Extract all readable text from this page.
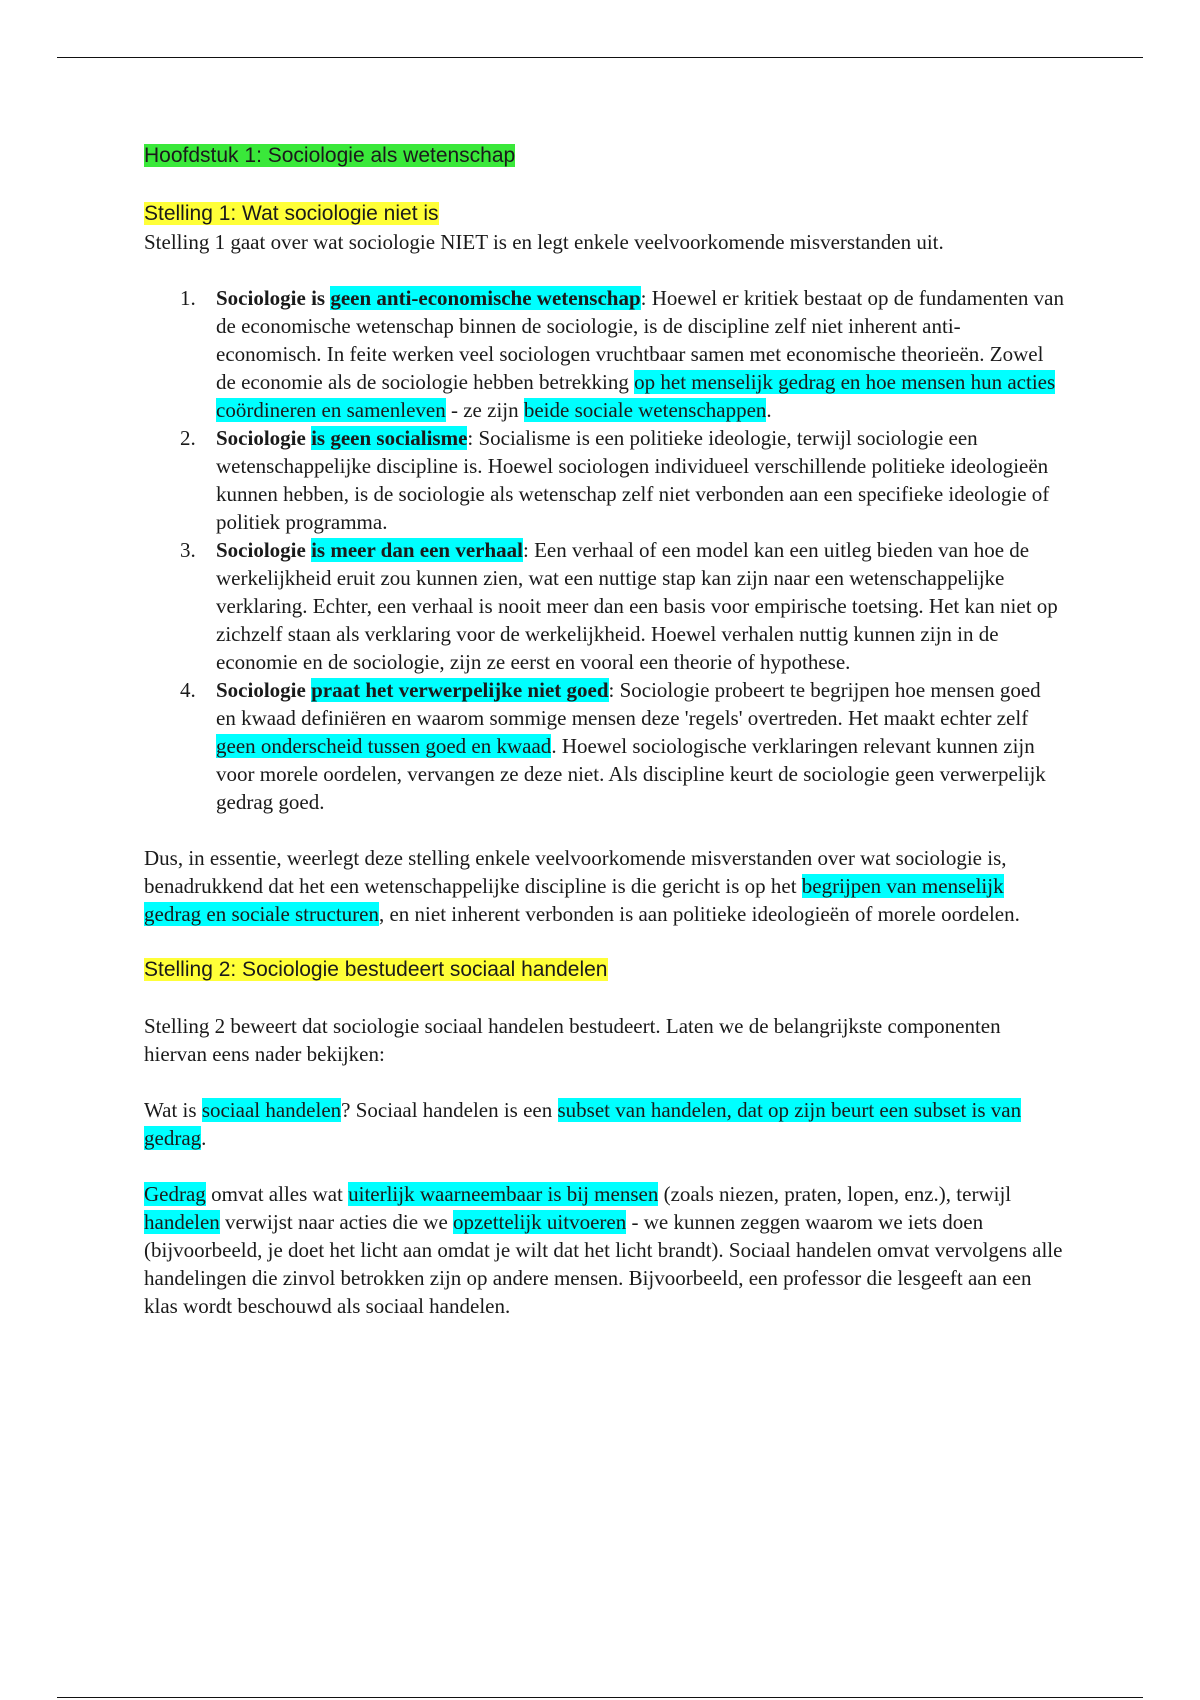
Hoofdstuk 1: Sociologie als wetenschap
Stelling 1: Wat sociologie niet is

Stelling 1 gaat over wat sociologie NIET is en legt enkele veelvoorkomende misverstanden uit.

1. Sociologie is geen anti-economische wetenschap: Hoewel er kritiek bestaat op de fundamenten van de economische wetenschap binnen de sociologie, is de discipline zelf niet inherent anti-economisch. In feite werken veel sociologen vruchtbaar samen met economische theorieën. Zowel de economie als de sociologie hebben betrekking op het menselijk gedrag en hoe mensen hun acties coördineren en samenleven - ze zijn beide sociale wetenschappen.
2. Sociologie is geen socialisme: Socialisme is een politieke ideologie, terwijl sociologie een wetenschappelijke discipline is. Hoewel sociologen individueel verschillende politieke ideologieën kunnen hebben, is de sociologie als wetenschap zelf niet verbonden aan een specifieke ideologie of politiek programma.
3. Sociologie is meer dan een verhaal: Een verhaal of een model kan een uitleg bieden van hoe de werkelijkheid eruit zou kunnen zien, wat een nuttige stap kan zijn naar een wetenschappelijke verklaring. Echter, een verhaal is nooit meer dan een basis voor empirische toetsing. Het kan niet op zichzelf staan als verklaring voor de werkelijkheid. Hoewel verhalen nuttig kunnen zijn in de economie en de sociologie, zijn ze eerst en vooral een theorie of hypothese.
4. Sociologie praat het verwerpelijke niet goed: Sociologie probeert te begrijpen hoe mensen goed en kwaad definiëren en waarom sommige mensen deze 'regels' overtreden. Het maakt echter zelf geen onderscheid tussen goed en kwaad. Hoewel sociologische verklaringen relevant kunnen zijn voor morele oordelen, vervangen ze deze niet. Als discipline keurt de sociologie geen verwerpelijk gedrag goed.

Dus, in essentie, weerlegt deze stelling enkele veelvoorkomende misverstanden over wat sociologie is, benadrukkend dat het een wetenschappelijke discipline is die gericht is op het begrijpen van menselijk gedrag en sociale structuren, en niet inherent verbonden is aan politieke ideologieën of morele oordelen.

Stelling 2: Sociologie bestudeert sociaal handelen

Stelling 2 beweert dat sociologie sociaal handelen bestudeert. Laten we de belangrijkste componenten hiervan eens nader bekijken:

Wat is sociaal handelen? Sociaal handelen is een subset van handelen, dat op zijn beurt een subset is van gedrag.

Gedrag omvat alles wat uiterlijk waarneembaar is bij mensen (zoals niezen, praten, lopen, enz.), terwijl handelen verwijst naar acties die we opzettelijk uitvoeren - we kunnen zeggen waarom we iets doen (bijvoorbeeld, je doet het licht aan omdat je wilt dat het licht brandt). Sociaal handelen omvat vervolgens alle handelingen die zinvol betrokken zijn op andere mensen. Bijvoorbeeld, een professor die lesgeeft aan een klas wordt beschouwd als sociaal handelen.
